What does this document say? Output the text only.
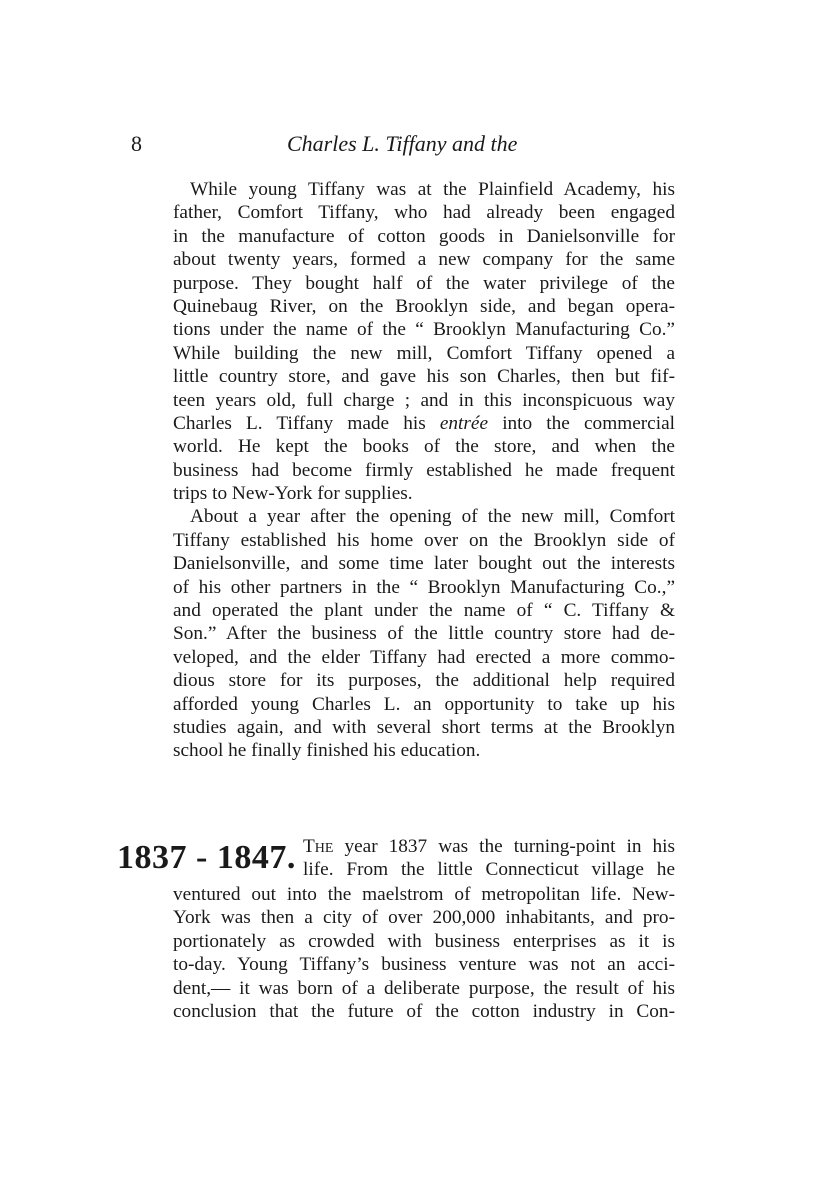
8	Charles L. Tiffany and the
While young Tiffany was at the Plainfield Academy, his
father, Comfort Tiffany, who had already been engaged
in the manufacture of cotton goods in Danielsonville for
about twenty years, formed a new company for the same
purpose. They bought half of the water privilege of the
Quinebaug River, on the Brooklyn side, and began opera-
tions under the name of the “ Brooklyn Manufacturing Co.”
While building the new mill, Comfort Tiffany opened a
little country store, and gave his son Charles, then but fif-
teen years old, full charge ; and in this inconspicuous way
Charles L. Tiffany made his entrée into the commercial
world. He kept the books of the store, and when the
business had become firmly established he made frequent
trips to New-York for supplies.
About a year after the opening of the new mill, Comfort
Tiffany established his home over on the Brooklyn side of
Danielsonville, and some time later bought out the interests
of his other partners in the “ Brooklyn Manufacturing Co.,”
and operated the plant under the name of “ C. Tiffany &
Son.” After the business of the little country store had de-
veloped, and the elder Tiffany had erected a more commo-
dious store for its purposes, the additional help required
afforded young Charles L. an opportunity to take up his
studies again, and with several short terms at the Brooklyn
school he finally finished his education.
1837 - 1847. The year 1837 was the turning-point in his
life. From the little Connecticut village he
ventured out into the maelstrom of metropolitan life. New-
York was then a city of over 200,000 inhabitants, and pro-
portionately as crowded with business enterprises as it is
to-day. Young Tiffany’s business venture was not an acci-
dent,— it was born of a deliberate purpose, the result of his
conclusion that the future of the cotton industry in Con-
